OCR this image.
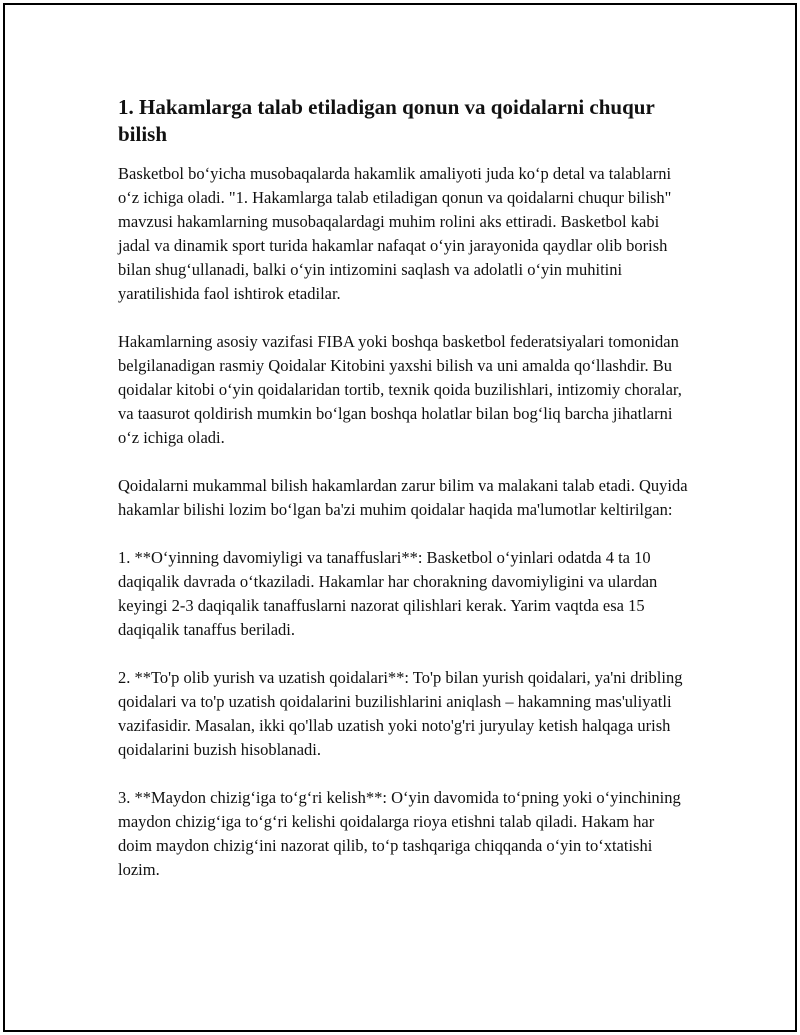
1. Hakamlarga talab etiladigan qonun va qoidalarni chuqur bilish

Basketbol bo‘yicha musobaqalarda hakamlik amaliyoti juda ko‘p detal va talablarni o‘z ichiga oladi. "1. Hakamlarga talab etiladigan qonun va qoidalarni chuqur bilish" mavzusi hakamlarning musobaqalardagi muhim rolini aks ettiradi. Basketbol kabi jadal va dinamik sport turida hakamlar nafaqat o‘yin jarayonida qaydlar olib borish bilan shug‘ullanadi, balki o‘yin intizomini saqlash va adolatli o‘yin muhitini yaratilishida faol ishtirok etadilar.

Hakamlarning asosiy vazifasi FIBA yoki boshqa basketbol federatsiyalari tomonidan belgilanadigan rasmiy Qoidalar Kitobini yaxshi bilish va uni amalda qo‘llashdir. Bu qoidalar kitobi o‘yin qoidalaridan tortib, texnik qoida buzilishlari, intizomiy choralar, va taasurot qoldirish mumkin bo‘lgan boshqa holatlar bilan bog‘liq barcha jihatlarni o‘z ichiga oladi.

Qoidalarni mukammal bilish hakamlardan zarur bilim va malakani talab etadi. Quyida hakamlar bilishi lozim bo‘lgan ba'zi muhim qoidalar haqida ma'lumotlar keltirilgan:

1. **O‘yinning davomiyligi va tanaffuslari**: Basketbol o‘yinlari odatda 4 ta 10 daqiqalik davrada o‘tkaziladi. Hakamlar har chorakning davomiyligini va ulardan keyingi 2-3 daqiqalik tanaffuslarni nazorat qilishlari kerak. Yarim vaqtda esa 15 daqiqalik tanaffus beriladi.

2. **To'p olib yurish va uzatish qoidalari**: To'p bilan yurish qoidalari, ya'ni dribling qoidalari va to'p uzatish qoidalarini buzilishlarini aniqlash – hakamning mas'uliyatli vazifasidir. Masalan, ikki qo'llab uzatish yoki noto'g'ri juryulay ketish halqaga urish qoidalarini buzish hisoblanadi.

3. **Maydon chizig‘iga to‘g‘ri kelish**: O‘yin davomida to‘pning yoki o‘yinchining maydon chizig‘iga to‘g‘ri kelishi qoidalarga rioya etishni talab qiladi. Hakam har doim maydon chizig‘ini nazorat qilib, to‘p tashqariga chiqqanda o‘yin to‘xtatishi lozim.
